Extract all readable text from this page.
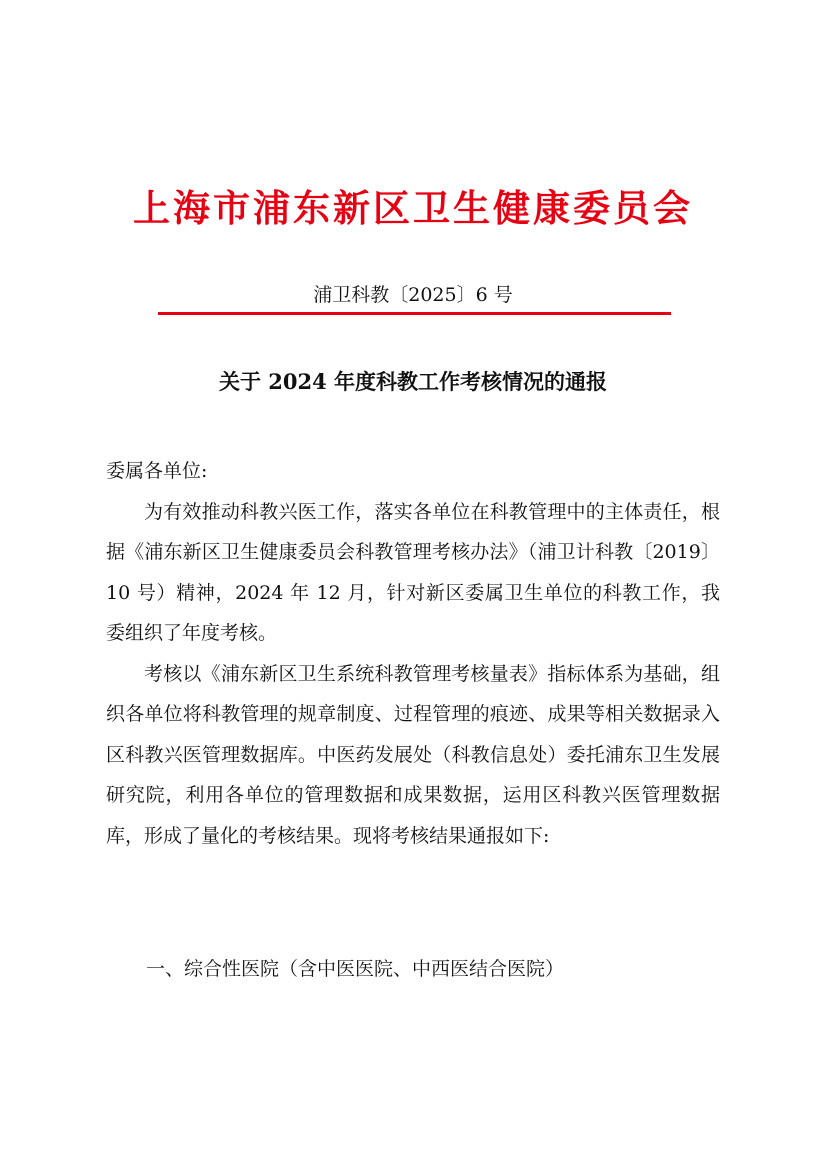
上海市浦东新区卫生健康委员会
浦卫科教〔2025〕6 号
关于 2024 年度科教工作考核情况的通报

委属各单位:

为有效推动科教兴医工作，落实各单位在科教管理中的主体责任，根据《浦东新区卫生健康委员会科教管理考核办法》（浦卫计科教〔2019〕10 号）精神，2024 年 12 月，针对新区委属卫生单位的科教工作，我委组织了年度考核。

考核以《浦东新区卫生系统科教管理考核量表》指标体系为基础，组织各单位将科教管理的规章制度、过程管理的痕迹、成果等相关数据录入区科教兴医管理数据库。中医药发展处（科教信息处）委托浦东卫生发展研究院，利用各单位的管理数据和成果数据，运用区科教兴医管理数据库，形成了量化的考核结果。现将考核结果通报如下:

一、综合性医院（含中医医院、中西医结合医院）
